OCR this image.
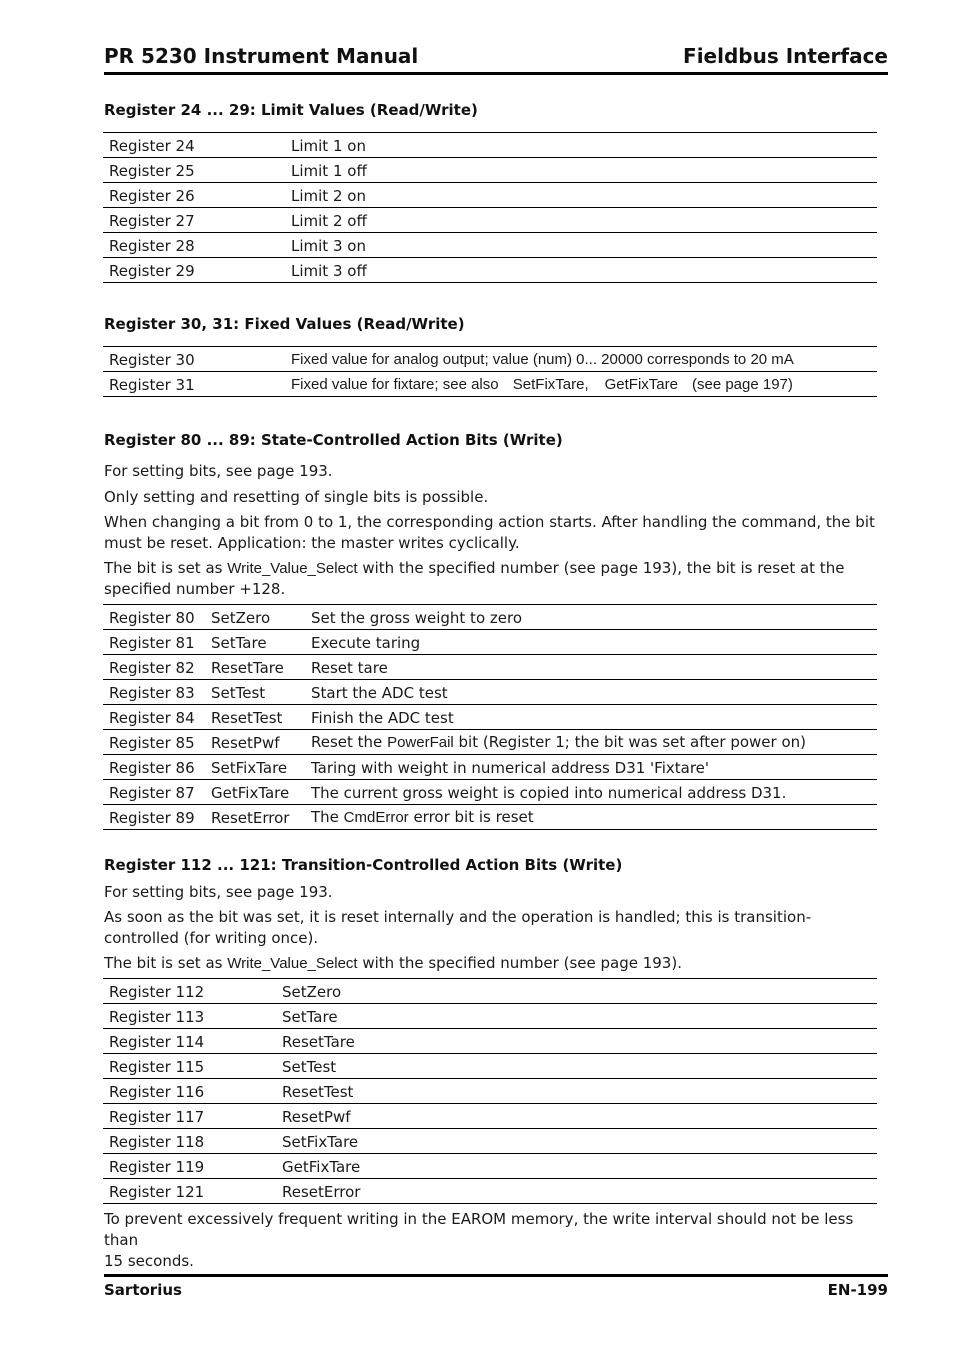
PR 5230 Instrument Manual	Fieldbus Interface
Register 24 ... 29: Limit Values (Read/Write)
Register 24	Limit 1 on
Register 25	Limit 1 off
Register 26	Limit 2 on
Register 27	Limit 2 off
Register 28	Limit 3 on
Register 29	Limit 3 off
Register 30, 31: Fixed Values (Read/Write)
Register 30	Fixed value for analog output; value (num) 0... 20000 corresponds to 20 mA
Register 31	Fixed value for fixtare; see also SetFixTare, GetFixTare (see page 197)
Register 80 ... 89: State-Controlled Action Bits (Write)
For setting bits, see page 193.
Only setting and resetting of single bits is possible.
When changing a bit from 0 to 1, the corresponding action starts. After handling the command, the bit must be reset. Application: the master writes cyclically.
The bit is set as Write_Value_Select with the specified number (see page 193), the bit is reset at the specified number +128.
Register 80	SetZero	Set the gross weight to zero
Register 81	SetTare	Execute taring
Register 82	ResetTare	Reset tare
Register 83	SetTest	Start the ADC test
Register 84	ResetTest	Finish the ADC test
Register 85	ResetPwf	Reset the PowerFail bit (Register 1; the bit was set after power on)
Register 86	SetFixTare	Taring with weight in numerical address D31 'Fixtare'
Register 87	GetFixTare	The current gross weight is copied into numerical address D31.
Register 89	ResetError	The CmdError error bit is reset
Register 112 ... 121: Transition-Controlled Action Bits (Write)
For setting bits, see page 193.
As soon as the bit was set, it is reset internally and the operation is handled; this is transition-controlled (for writing once).
The bit is set as Write_Value_Select with the specified number (see page 193).
Register 112	SetZero
Register 113	SetTare
Register 114	ResetTare
Register 115	SetTest
Register 116	ResetTest
Register 117	ResetPwf
Register 118	SetFixTare
Register 119	GetFixTare
Register 121	ResetError
To prevent excessively frequent writing in the EAROM memory, the write interval should not be less than
15 seconds.
Sartorius	EN-199
